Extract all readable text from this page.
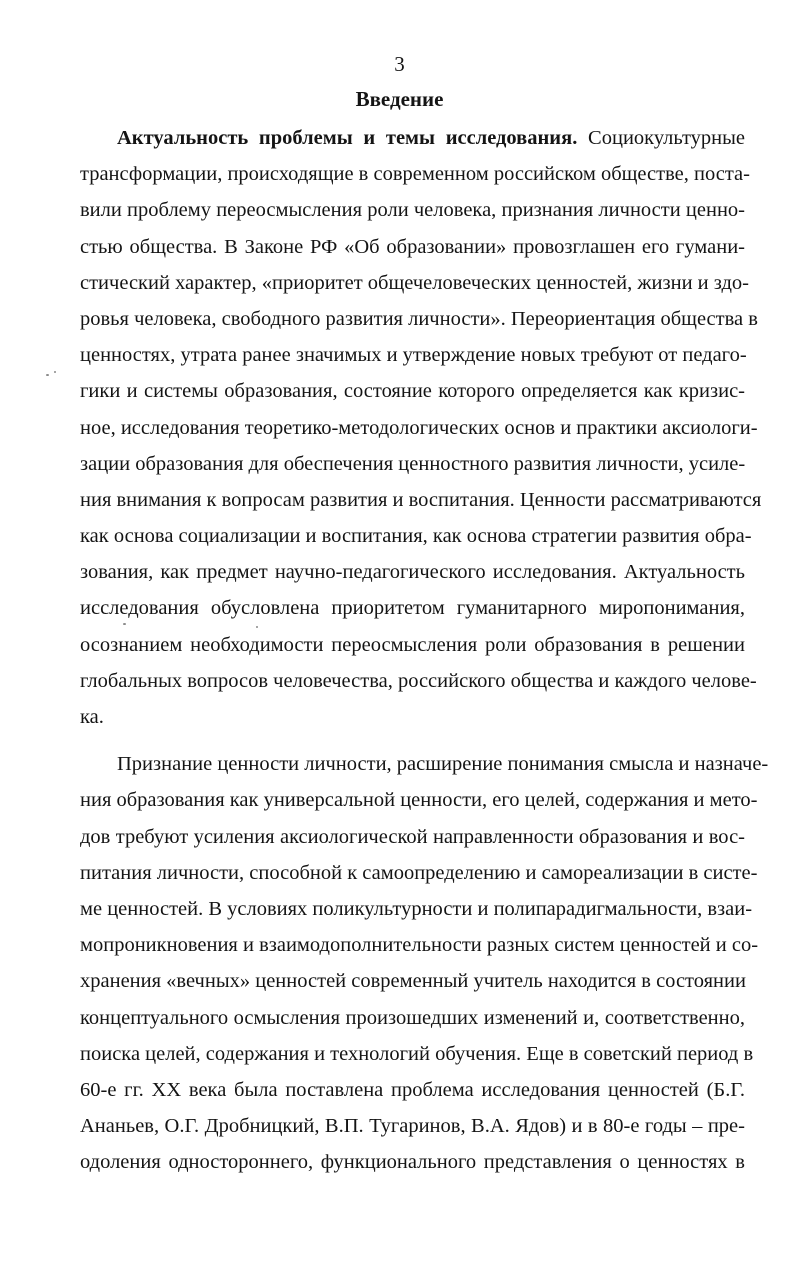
3
Введение
Актуальность проблемы и темы исследования. Социокультурные
трансформации, происходящие в современном российском обществе, поста-
вили проблему переосмысления роли человека, признания личности ценно-
стью общества. В Законе РФ «Об образовании» провозглашен его гумани-
стический характер, «приоритет общечеловеческих ценностей, жизни и здо-
ровья человека, свободного развития личности». Переориентация общества в
ценностях, утрата ранее значимых и утверждение новых требуют от педаго-
гики и системы образования, состояние которого определяется как кризис-
ное, исследования теоретико-методологических основ и практики аксиологи-
зации образования для обеспечения ценностного развития личности, усиле-
ния внимания к вопросам развития и воспитания. Ценности рассматриваются
как основа социализации и воспитания, как основа стратегии развития обра-
зования, как предмет научно-педагогического исследования. Актуальность
исследования обусловлена приоритетом гуманитарного миропонимания,
осознанием необходимости переосмысления роли образования в решении
глобальных вопросов человечества, российского общества и каждого челове-
ка.
Признание ценности личности, расширение понимания смысла и назначе-
ния образования как универсальной ценности, его целей, содержания и мето-
дов требуют усиления аксиологической направленности образования и вос-
питания личности, способной к самоопределению и самореализации в систе-
ме ценностей. В условиях поликультурности и полипарадигмальности, взаи-
мопроникновения и взаимодополнительности разных систем ценностей и со-
хранения «вечных» ценностей современный учитель находится в состоянии
концептуального осмысления произошедших изменений и, соответственно,
поиска целей, содержания и технологий обучения. Еще в советский период в
60-е гг. XX века была поставлена проблема исследования ценностей (Б.Г.
Ананьев, О.Г. Дробницкий, В.П. Тугаринов, В.А. Ядов) и в 80-е годы – пре-
одоления одностороннего, функционального представления о ценностях в
